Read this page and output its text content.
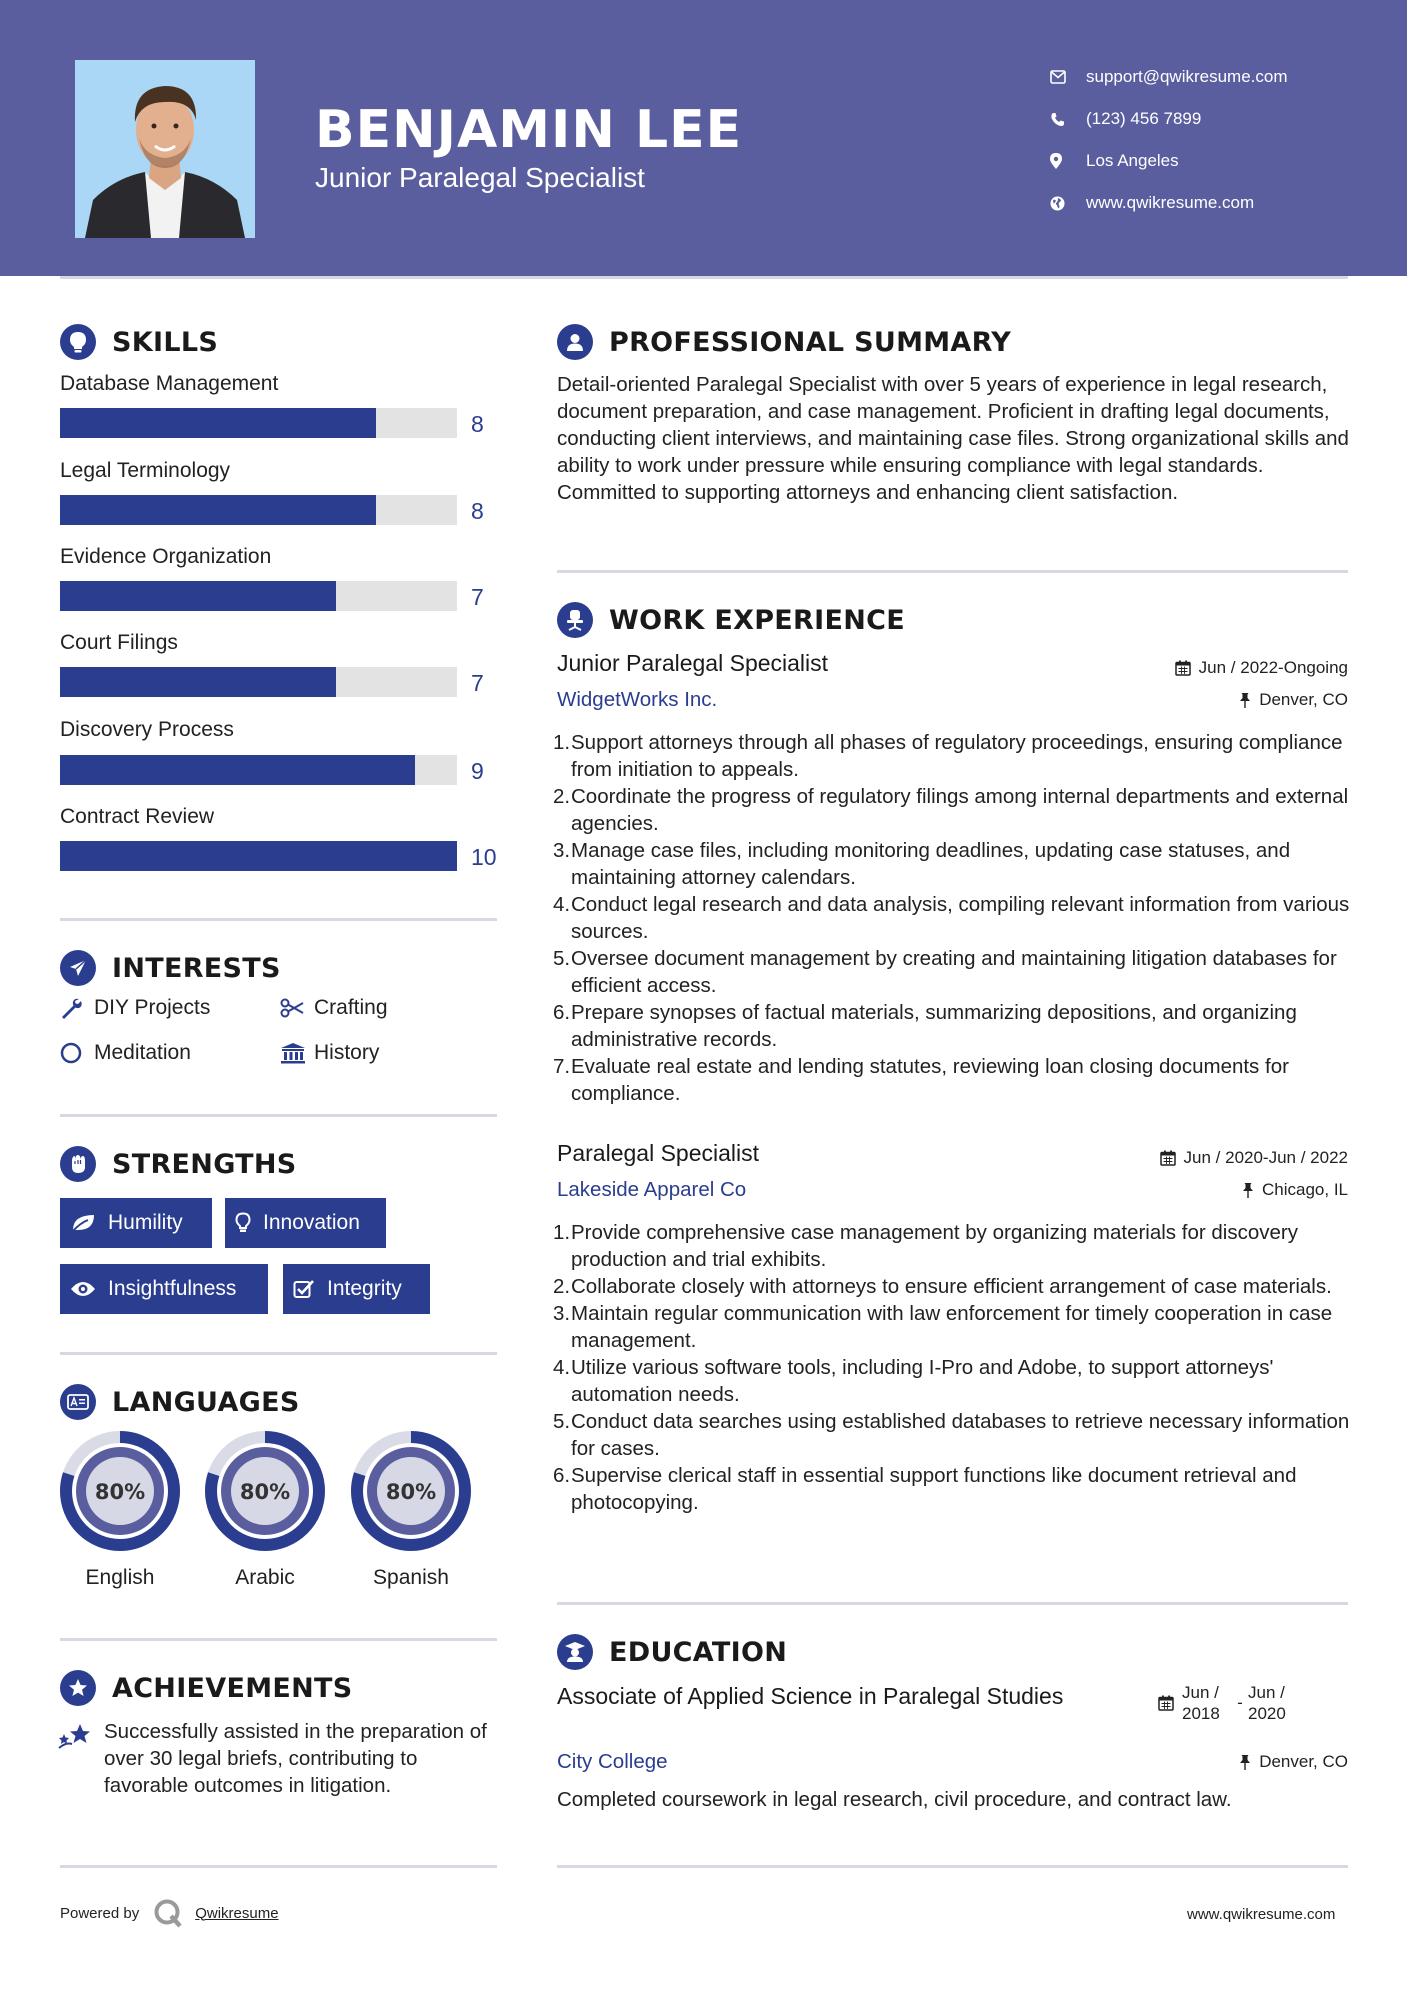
BENJAMIN LEE
Junior Paralegal Specialist
support@qwikresume.com
(123) 456 7899
Los Angeles
www.qwikresume.com
SKILLS
Database Management
8
Legal Terminology
8
Evidence Organization
7
Court Filings
7
Discovery Process
9
Contract Review
10
INTERESTS
DIY Projects	Crafting
Meditation	History
STRENGTHS
Humility	Innovation
Insightfulness	Integrity
LANGUAGES
80%
English
80%
Arabic
80%
Spanish
ACHIEVEMENTS
Successfully assisted in the preparation of over 30 legal briefs, contributing to favorable outcomes in litigation.
PROFESSIONAL SUMMARY
Detail-oriented Paralegal Specialist with over 5 years of experience in legal research, document preparation, and case management. Proficient in drafting legal documents, conducting client interviews, and maintaining case files. Strong organizational skills and ability to work under pressure while ensuring compliance with legal standards. Committed to supporting attorneys and enhancing client satisfaction.
WORK EXPERIENCE
Junior Paralegal Specialist	Jun / 2022-Ongoing
WidgetWorks Inc.	Denver, CO
1. Support attorneys through all phases of regulatory proceedings, ensuring compliance from initiation to appeals.
2. Coordinate the progress of regulatory filings among internal departments and external agencies.
3. Manage case files, including monitoring deadlines, updating case statuses, and maintaining attorney calendars.
4. Conduct legal research and data analysis, compiling relevant information from various sources.
5. Oversee document management by creating and maintaining litigation databases for efficient access.
6. Prepare synopses of factual materials, summarizing depositions, and organizing administrative records.
7. Evaluate real estate and lending statutes, reviewing loan closing documents for compliance.
Paralegal Specialist	Jun / 2020-Jun / 2022
Lakeside Apparel Co	Chicago, IL
1. Provide comprehensive case management by organizing materials for discovery production and trial exhibits.
2. Collaborate closely with attorneys to ensure efficient arrangement of case materials.
3. Maintain regular communication with law enforcement for timely cooperation in case management.
4. Utilize various software tools, including I-Pro and Adobe, to support attorneys' automation needs.
5. Conduct data searches using established databases to retrieve necessary information for cases.
6. Supervise clerical staff in essential support functions like document retrieval and photocopying.
EDUCATION
Associate of Applied Science in Paralegal Studies	Jun / 2018
-
Jun / 2020
City College	Denver, CO
Completed coursework in legal research, civil procedure, and contract law.
Powered by	Qwikresume	www.qwikresume.com
